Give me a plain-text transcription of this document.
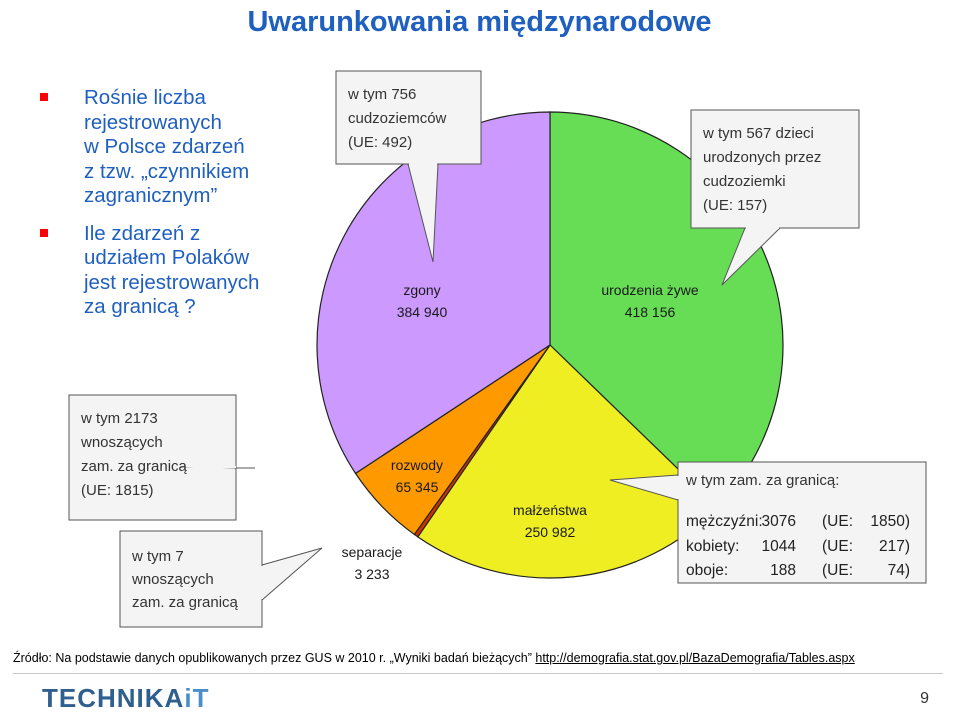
Uwarunkowania międzynarodowe
Rośnie liczba
rejestrowanych
w Polsce zdarzeń
z tzw. „czynnikiem
zagranicznym”
Ile zdarzeń z
udziałem Polaków
jest rejestrowanych
za granicą ?
urodzenia żywe
418 156
małżeństwa
250 982
separacje
3 233
rozwody
65 345
zgony
384 940
w tym 756
cudzoziemców
(UE: 492)
w tym 567 dzieci
urodzonych przez
cudzoziemki
(UE: 157)
w tym 2173
wnoszących
zam. za granicą
(UE: 1815)
w tym 7
wnoszących
zam. za granicą
w tym zam. za granicą:
mężczyźni:
3076 (UE: 1850)
kobiety: 1044 (UE: 217)
oboje:	188 (UE: 74)
Źródło: Na podstawie danych opublikowanych przez GUS w 2010 r. „Wyniki badań bieżących” http://demografia.stat.gov.pl/BazaDemografia/Tables.aspx
TECHNIKAiT	9
